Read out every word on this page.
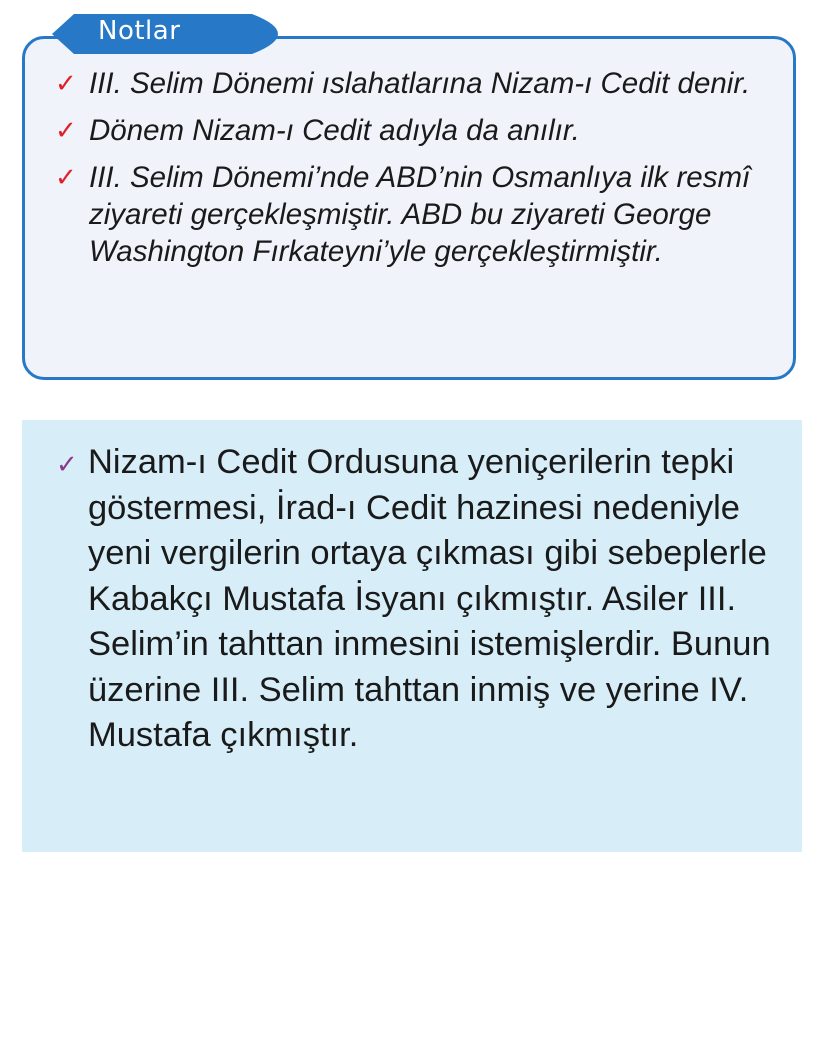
Notlar
✓ III. Selim Dönemi ıslahatlarına Nizam-ı Cedit denir.
✓ Dönem Nizam-ı Cedit adıyla da anılır.
✓ III. Selim Dönemi’nde ABD’nin Osmanlıya ilk resmî ziyareti gerçekleşmiştir. ABD bu ziyareti George Washington Fırkateyni’yle gerçekleştirmiştir.
✓ Nizam-ı Cedit Ordusuna yeniçerilerin tepki göstermesi, İrad-ı Cedit hazinesi nedeniyle yeni vergilerin ortaya çıkması gibi sebeplerle Kabakçı Mustafa İsyanı çıkmıştır. Asiler III. Selim’in tahttan inmesini istemişlerdir. Bunun üzerine III. Selim tahttan inmiş ve yerine IV. Mustafa çıkmıştır.
